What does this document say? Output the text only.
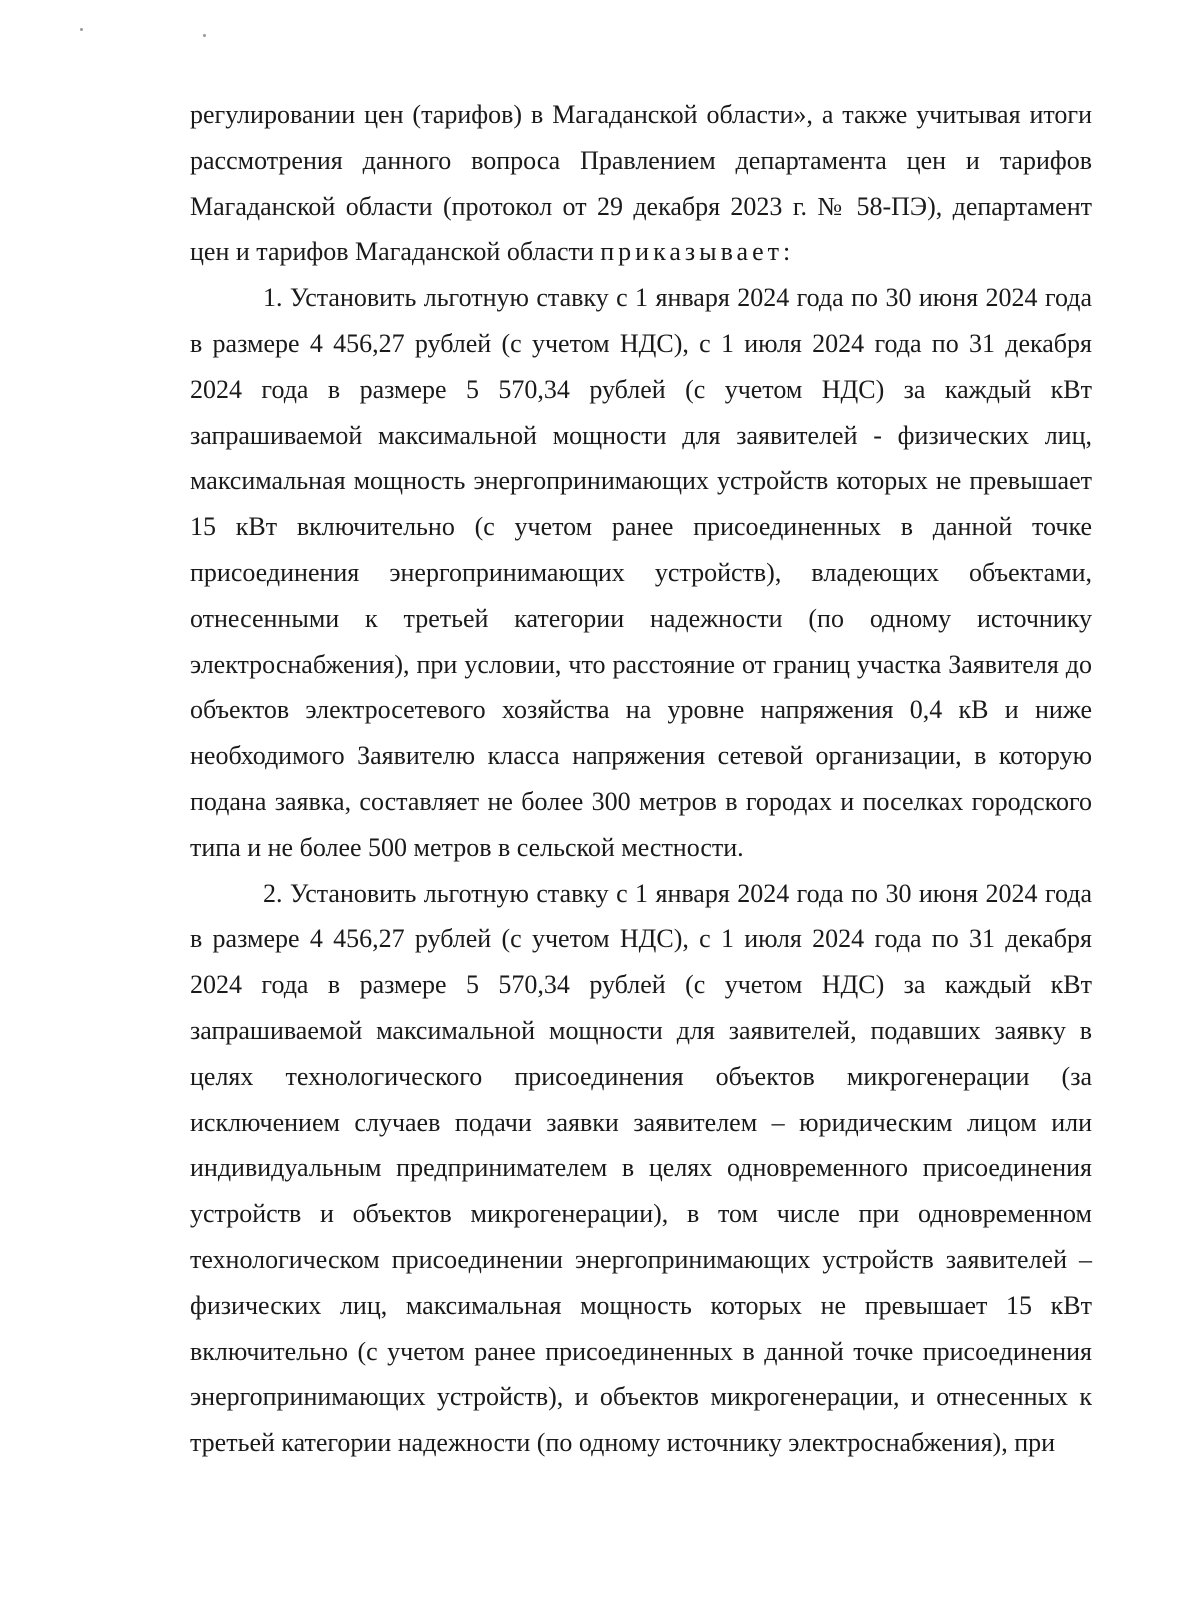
регулировании цен (тарифов) в Магаданской области», а также учитывая итоги рассмотрения данного вопроса Правлением департамента цен и тарифов Магаданской области (протокол от 29 декабря 2023 г. № 58-ПЭ), департамент цен и тарифов Магаданской области приказывает:

1. Установить льготную ставку с 1 января 2024 года по 30 июня 2024 года в размере 4 456,27 рублей (с учетом НДС), с 1 июля 2024 года по 31 декабря 2024 года в размере 5 570,34 рублей (с учетом НДС) за каждый кВт запрашиваемой максимальной мощности для заявителей - физических лиц, максимальная мощность энергопринимающих устройств которых не превышает 15 кВт включительно (с учетом ранее присоединенных в данной точке присоединения энергопринимающих устройств), владеющих объектами, отнесенными к третьей категории надежности (по одному источнику электроснабжения), при условии, что расстояние от границ участка Заявителя до объектов электросетевого хозяйства на уровне напряжения 0,4 кВ и ниже необходимого Заявителю класса напряжения сетевой организации, в которую подана заявка, составляет не более 300 метров в городах и поселках городского типа и не более 500 метров в сельской местности.

2. Установить льготную ставку с 1 января 2024 года по 30 июня 2024 года в размере 4 456,27 рублей (с учетом НДС), с 1 июля 2024 года по 31 декабря 2024 года в размере 5 570,34 рублей (с учетом НДС) за каждый кВт запрашиваемой максимальной мощности для заявителей, подавших заявку в целях технологического присоединения объектов микрогенерации (за исключением случаев подачи заявки заявителем – юридическим лицом или индивидуальным предпринимателем в целях одновременного присоединения устройств и объектов микрогенерации), в том числе при одновременном технологическом присоединении энергопринимающих устройств заявителей – физических лиц, максимальная мощность которых не превышает 15 кВт включительно (с учетом ранее присоединенных в данной точке присоединения энергопринимающих устройств), и объектов микрогенерации, и отнесенных к третьей категории надежности (по одному источнику электроснабжения), при
